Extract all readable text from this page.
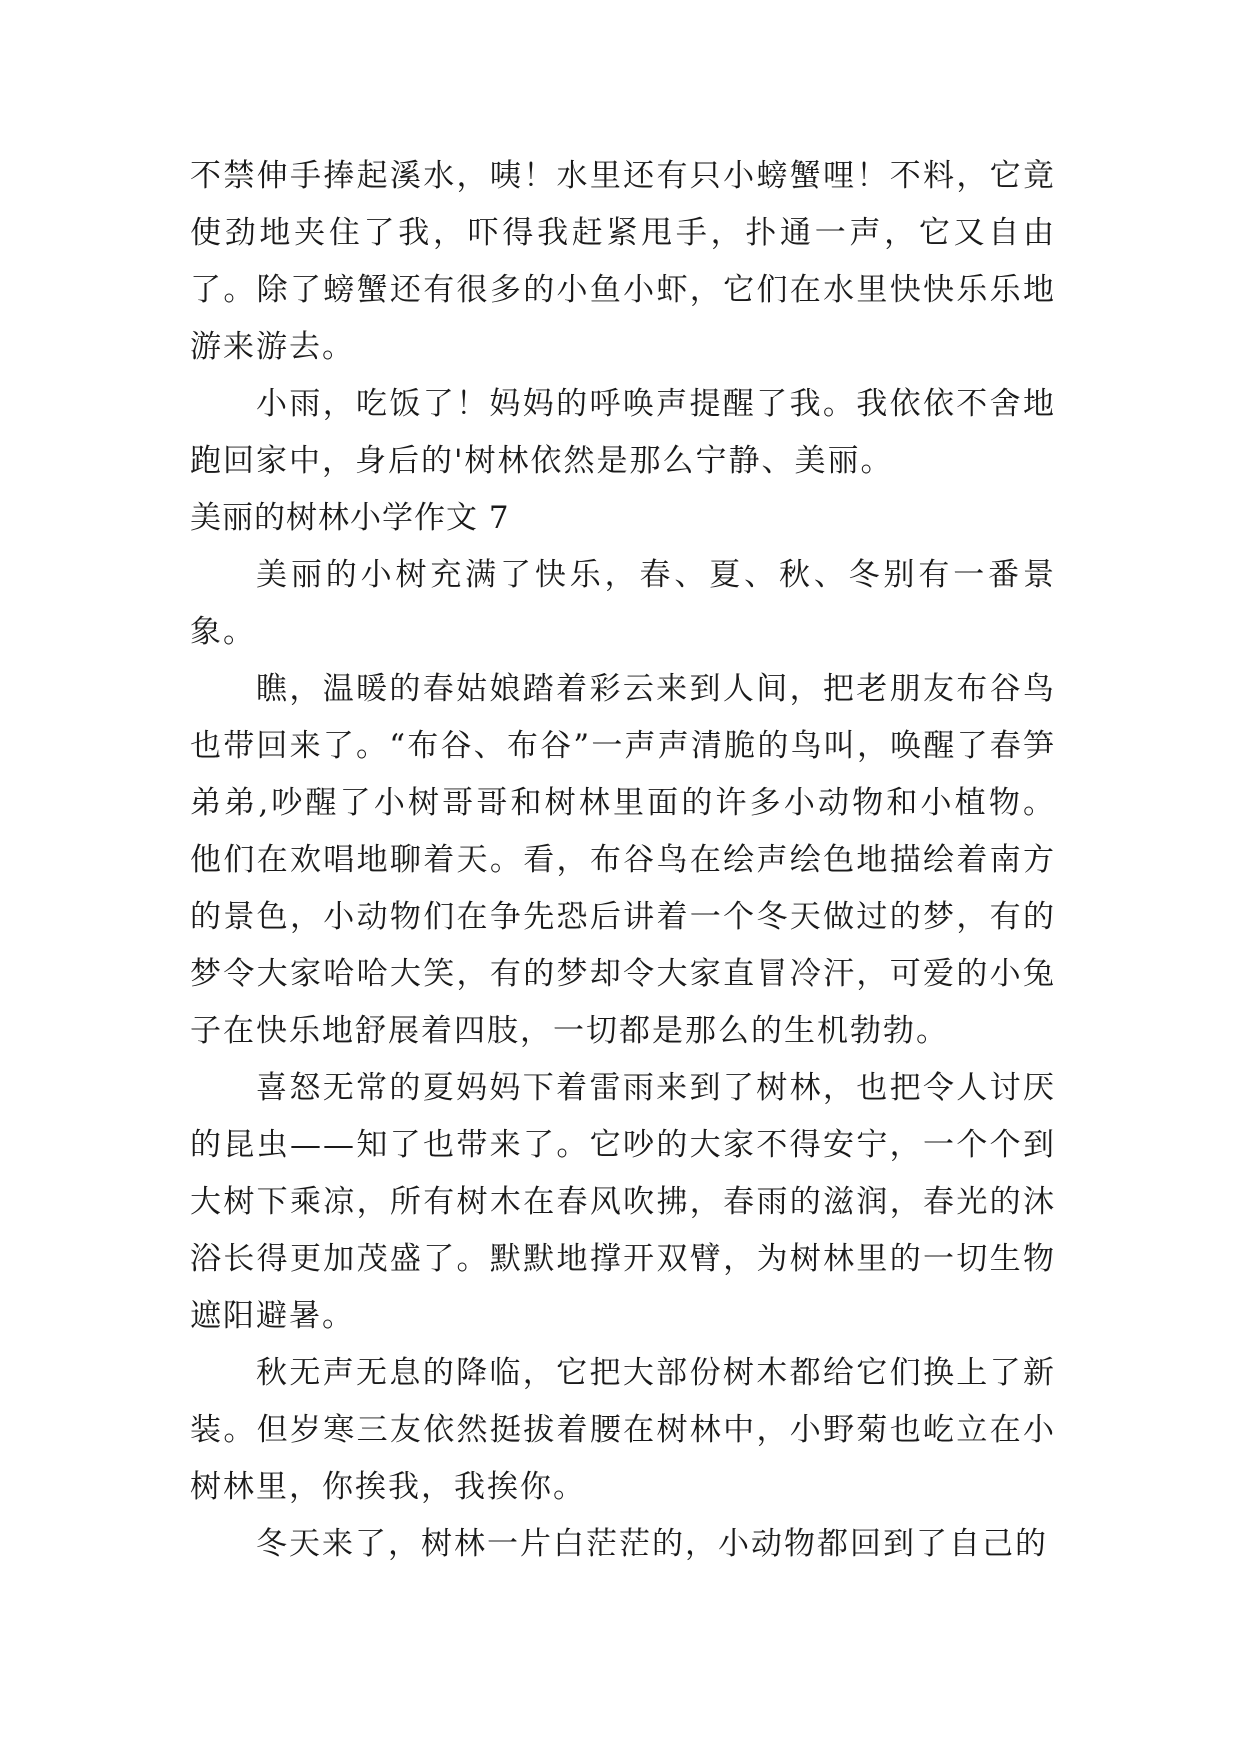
不禁伸手捧起溪水，咦！水里还有只小螃蟹哩！不料，它竟使劲地夹住了我，吓得我赶紧甩手，扑通一声，它又自由了。除了螃蟹还有很多的小鱼小虾，它们在水里快快乐乐地游来游去。

小雨，吃饭了！妈妈的呼唤声提醒了我。我依依不舍地跑回家中，身后的'树林依然是那么宁静、美丽。

美丽的树林小学作文 7

美丽的小树充满了快乐，春、夏、秋、冬别有一番景象。

瞧，温暖的春姑娘踏着彩云来到人间，把老朋友布谷鸟也带回来了。“布谷、布谷”一声声清脆的鸟叫，唤醒了春笋弟弟,吵醒了小树哥哥和树林里面的许多小动物和小植物。他们在欢唱地聊着天。看，布谷鸟在绘声绘色地描绘着南方的景色，小动物们在争先恐后讲着一个冬天做过的梦，有的梦令大家哈哈大笑，有的梦却令大家直冒冷汗，可爱的小兔子在快乐地舒展着四肢，一切都是那么的生机勃勃。

喜怒无常的夏妈妈下着雷雨来到了树林，也把令人讨厌的昆虫——知了也带来了。它吵的大家不得安宁，一个个到大树下乘凉，所有树木在春风吹拂，春雨的滋润，春光的沐浴长得更加茂盛了。默默地撑开双臂，为树林里的一切生物遮阳避暑。

秋无声无息的降临，它把大部份树木都给它们换上了新装。但岁寒三友依然挺拔着腰在树林中，小野菊也屹立在小树林里，你挨我，我挨你。

冬天来了，树林一片白茫茫的，小动物都回到了自己的
